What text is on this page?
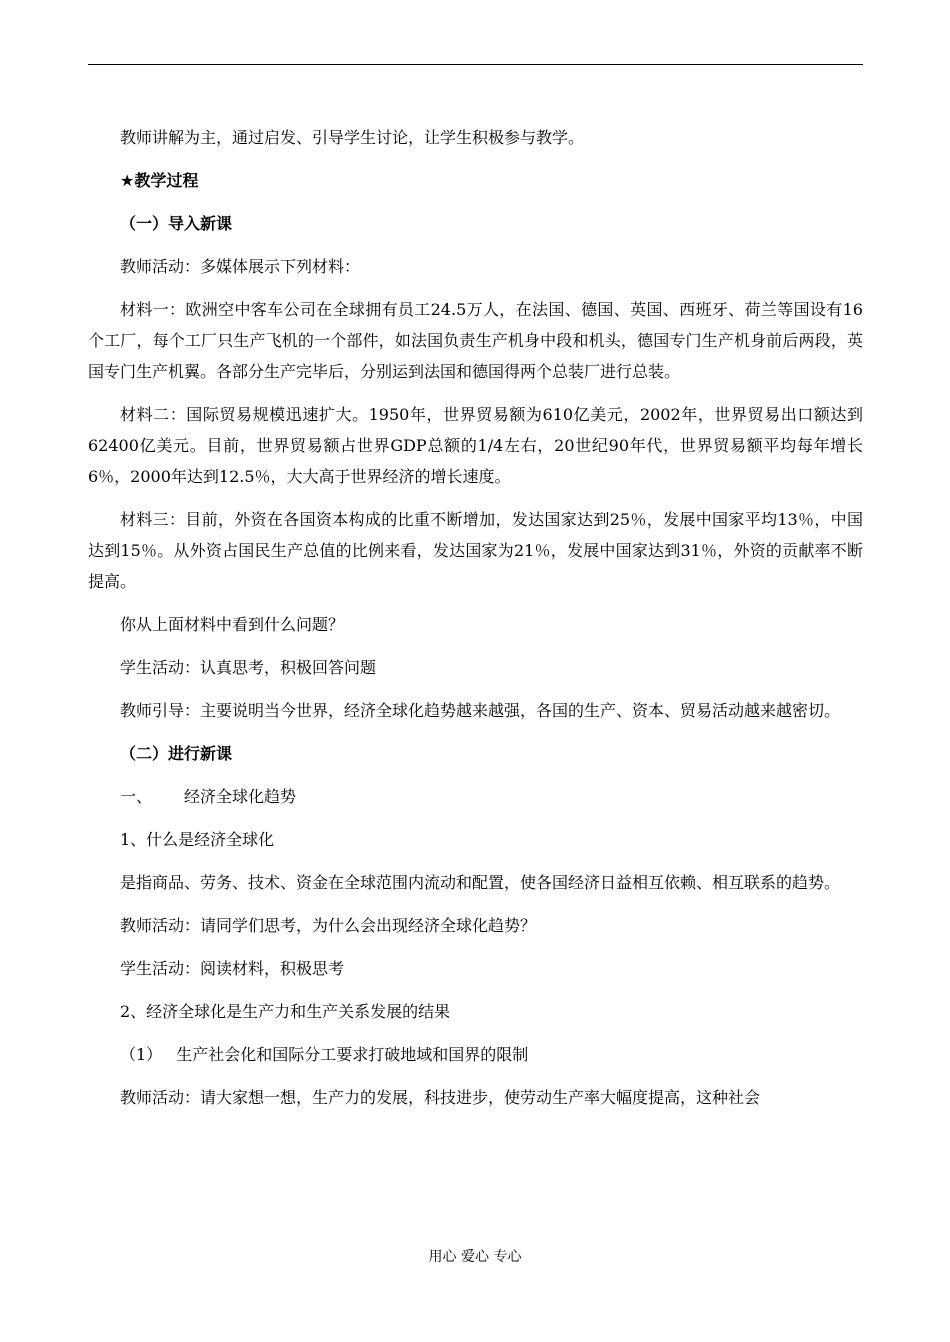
教师讲解为主，通过启发、引导学生讨论，让学生积极参与教学。

★教学过程

（一）导入新课

教师活动：多媒体展示下列材料：

材料一：欧洲空中客车公司在全球拥有员工24.5万人，在法国、德国、英国、西班牙、荷兰等国设有16个工厂，每个工厂只生产飞机的一个部件，如法国负责生产机身中段和机头，德国专门生产机身前后两段，英国专门生产机翼。各部分生产完毕后，分别运到法国和德国得两个总装厂进行总装。

材料二：国际贸易规模迅速扩大。1950年，世界贸易额为610亿美元，2002年，世界贸易出口额达到62400亿美元。目前，世界贸易额占世界GDP总额的1/4左右，20世纪90年代，世界贸易额平均每年增长6％，2000年达到12.5％，大大高于世界经济的增长速度。

材料三：目前，外资在各国资本构成的比重不断增加，发达国家达到25％，发展中国家平均13％，中国达到15％。从外资占国民生产总值的比例来看，发达国家为21％，发展中国家达到31％，外资的贡献率不断提高。

你从上面材料中看到什么问题？

学生活动：认真思考，积极回答问题

教师引导：主要说明当今世界，经济全球化趋势越来越强，各国的生产、资本、贸易活动越来越密切。

（二）进行新课

一、 经济全球化趋势

1、什么是经济全球化

是指商品、劳务、技术、资金在全球范围内流动和配置，使各国经济日益相互依赖、相互联系的趋势。

教师活动：请同学们思考，为什么会出现经济全球化趋势？

学生活动：阅读材料，积极思考

2、经济全球化是生产力和生产关系发展的结果

（1） 生产社会化和国际分工要求打破地域和国界的限制

教师活动：请大家想一想，生产力的发展，科技进步，使劳动生产率大幅度提高，这种社会

用心 爱心 专心
